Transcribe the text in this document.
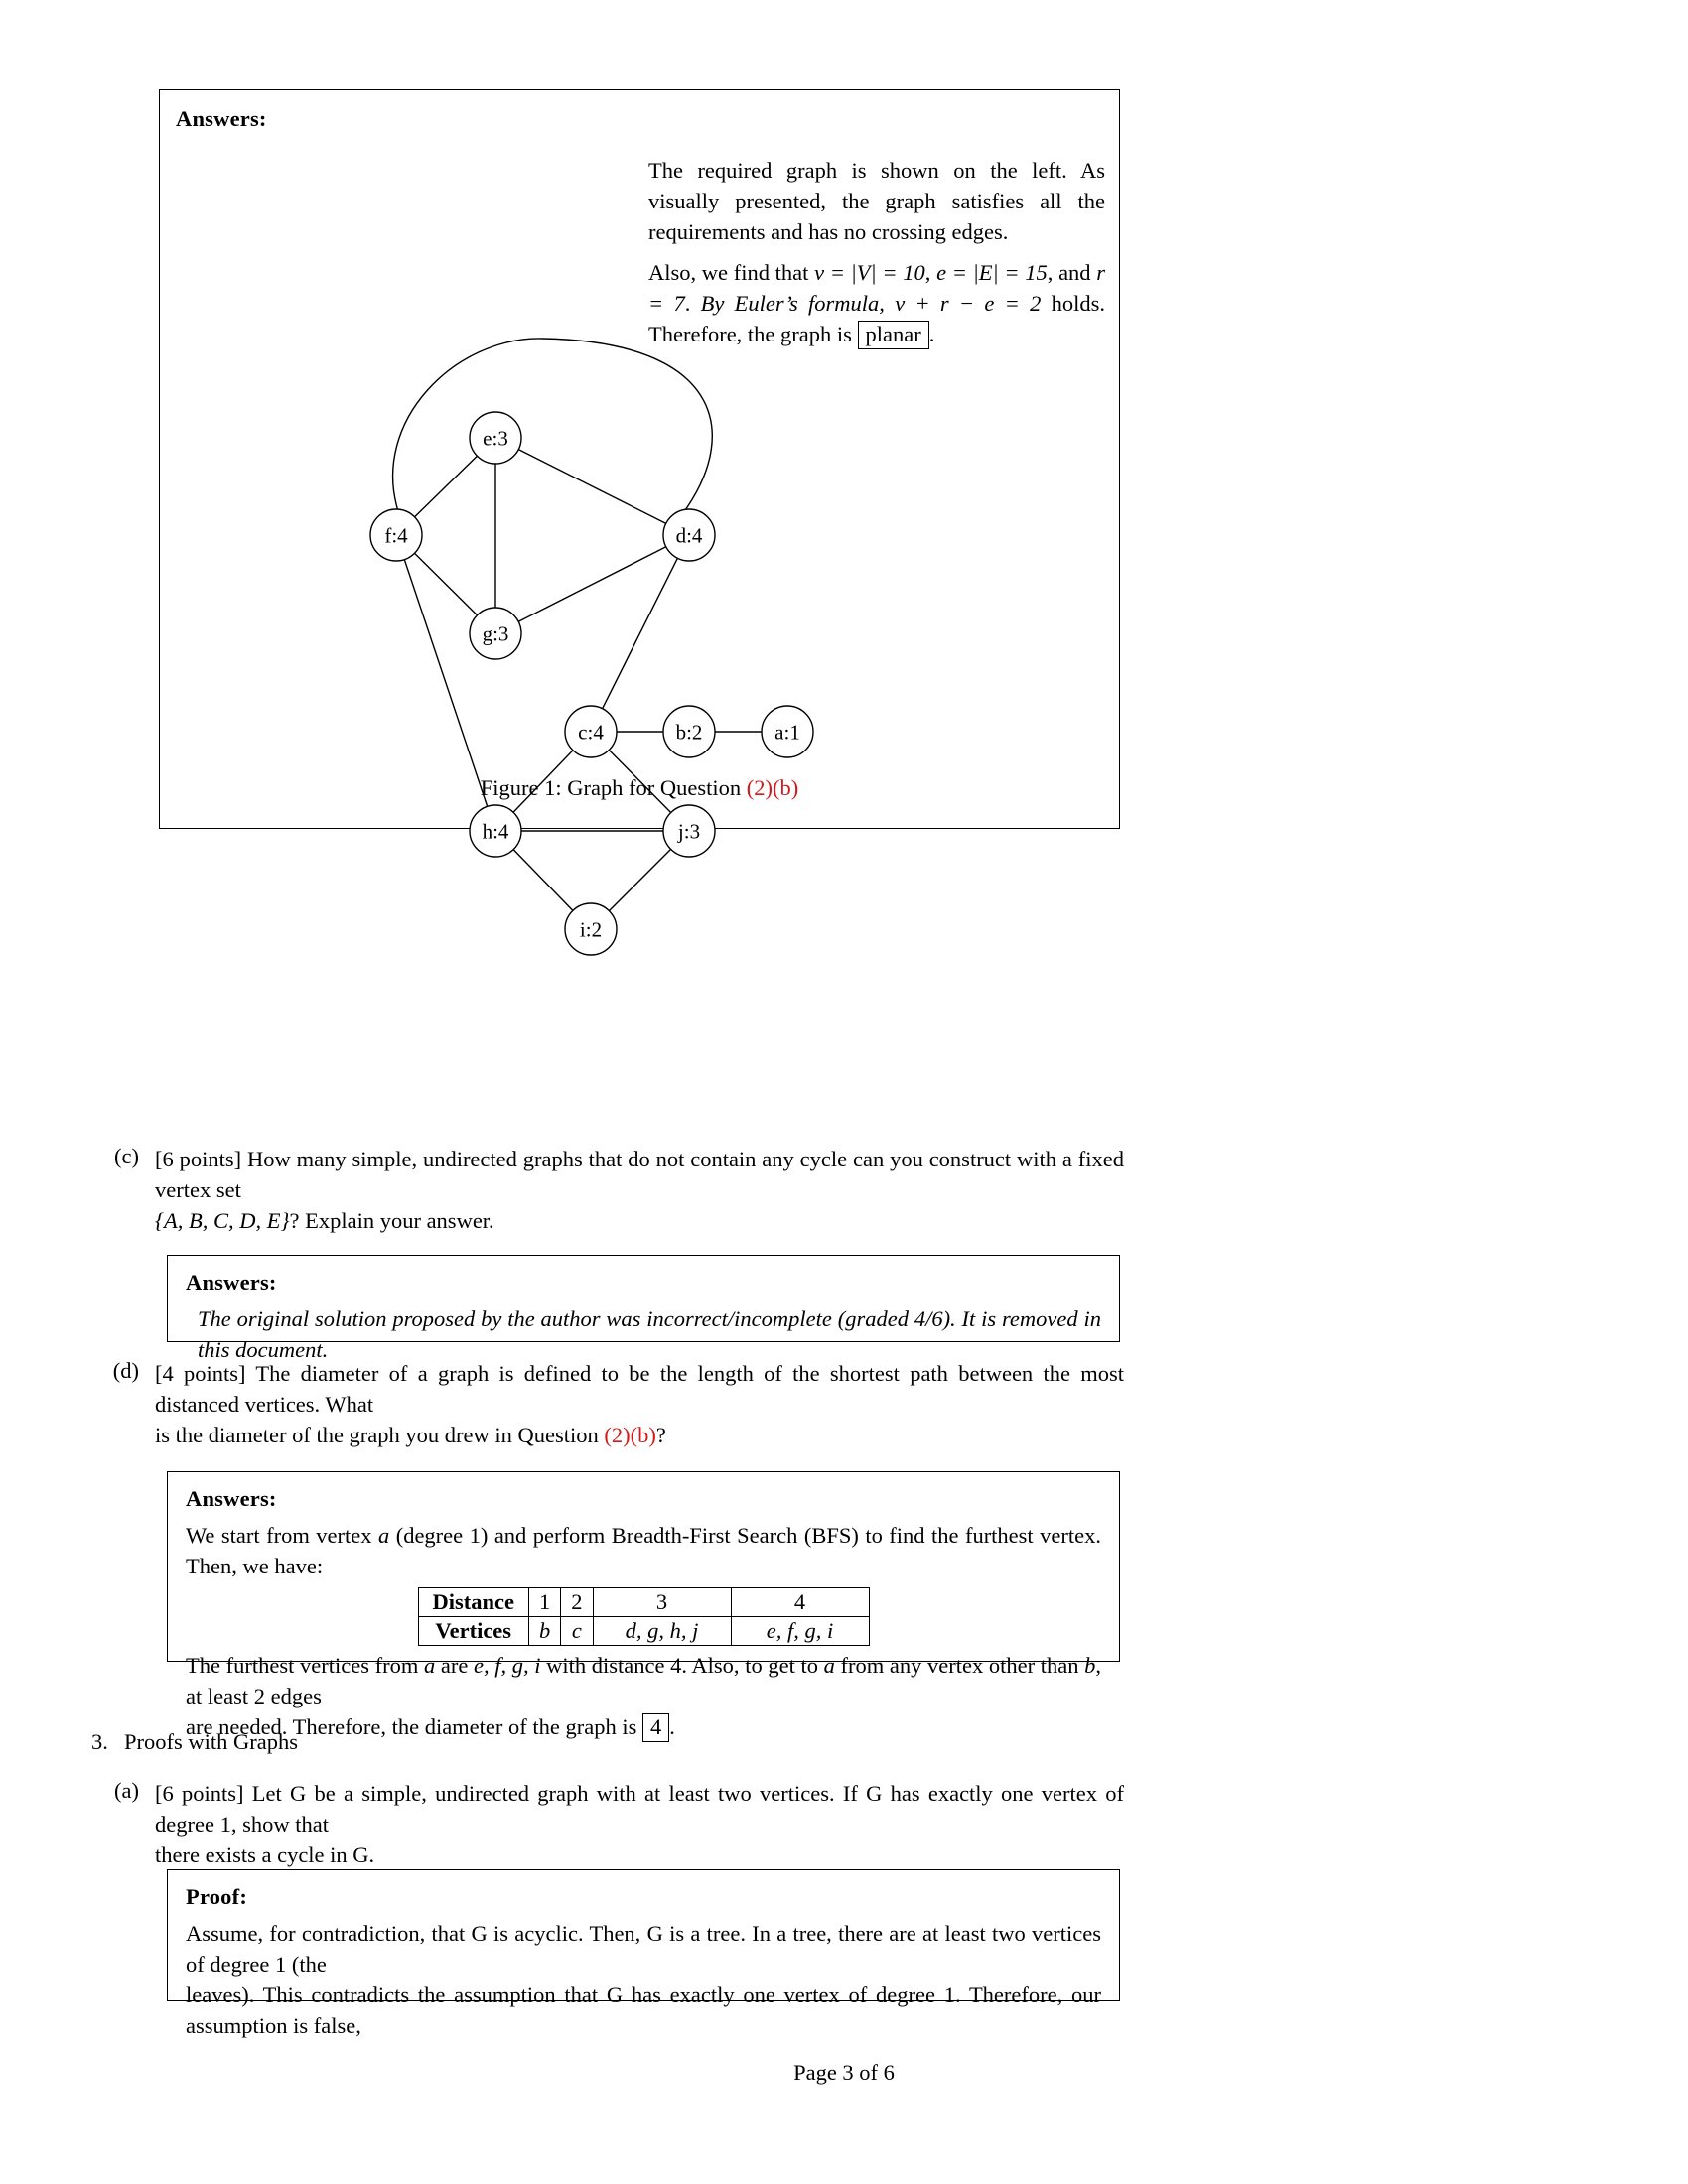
Answers:
e:3
f:4	d:4
g:3
c:4	b:2	a:1
h:4	j:3
i:2

The required graph is shown on the left. As visually presented, the graph satisfies all the requirements and has no crossing edges.

Also, we find that v = |V| = 10, e = |E| = 15, and r = 7. By Euler’s formula, v + r − e = 2 holds. Therefore, the graph is planar .

Figure 1: Graph for Question (2)(b)
(c) [6 points] How many simple, undirected graphs that do not contain any cycle can you construct with a fixed vertex set
{A, B, C, D, E}? Explain your answer.
Answers:
The original solution proposed by the author was incorrect/incomplete (graded 4/6). It is removed in this document.
(d) [4 points] The diameter of a graph is defined to be the length of the shortest path between the most distanced vertices. What
is the diameter of the graph you drew in Question (2)(b)?
Answers:
We start from vertex a (degree 1) and perform Breadth-First Search (BFS) to find the furthest vertex. Then, we have:
Distance	1	2	3	4
Vertices	b	c	d, g, h, j	e, f, g, i
The furthest vertices from a are e, f, g, i with distance 4. Also, to get to a from any vertex other than b, at least 2 edges
are needed. Therefore, the diameter of the graph is 4 .
3. Proofs with Graphs
(a) [6 points] Let G be a simple, undirected graph with at least two vertices. If G has exactly one vertex of degree 1, show that
there exists a cycle in G.
Proof:
Assume, for contradiction, that G is acyclic. Then, G is a tree. In a tree, there are at least two vertices of degree 1 (the
leaves). This contradicts the assumption that G has exactly one vertex of degree 1. Therefore, our assumption is false,
Page 3 of 6
